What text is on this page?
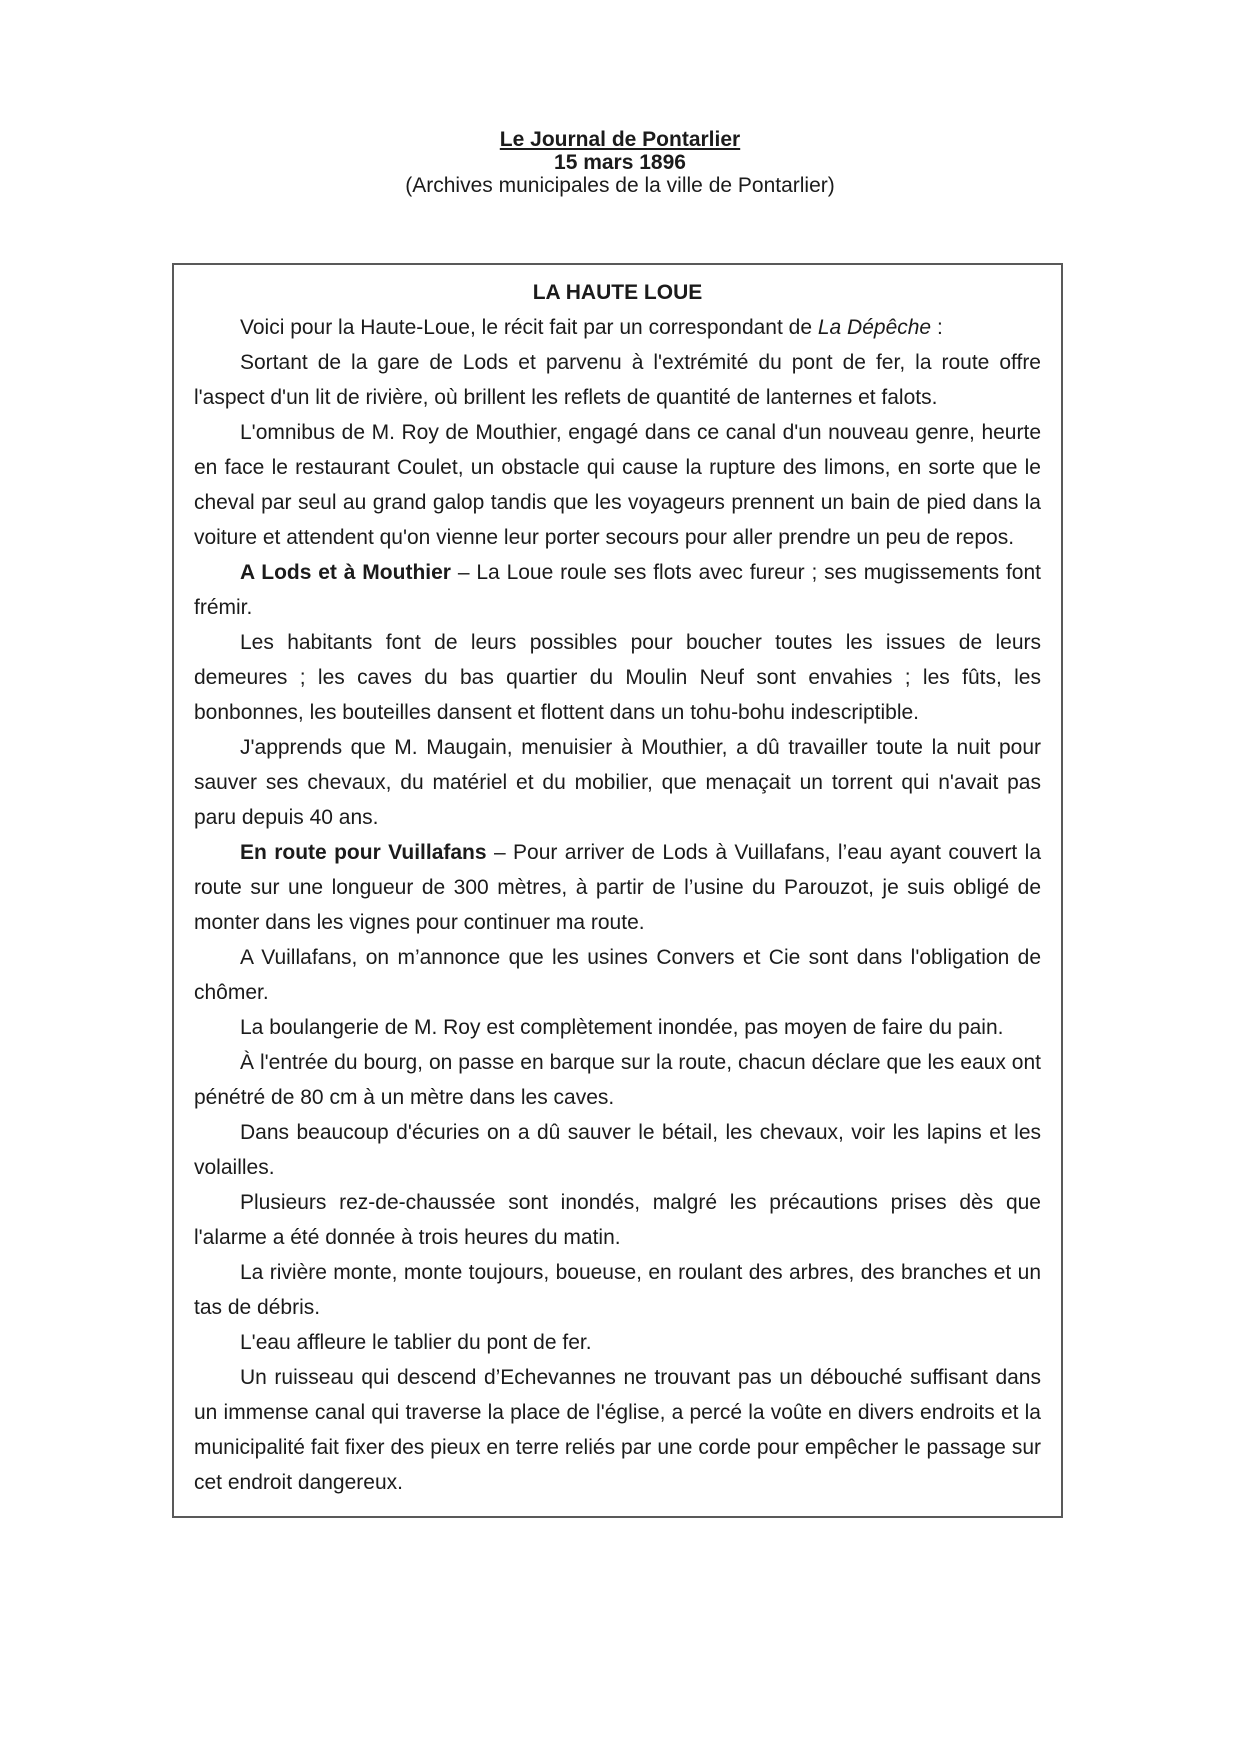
Le Journal de Pontarlier
15 mars 1896
(Archives municipales de la ville de Pontarlier)
LA HAUTE LOUE
Voici pour la Haute-Loue, le récit fait par un correspondant de La Dépêche :
Sortant de la gare de Lods et parvenu à l'extrémité du pont de fer, la route offre l'aspect d'un lit de rivière, où brillent les reflets de quantité de lanternes et falots.
L'omnibus de M. Roy de Mouthier, engagé dans ce canal d'un nouveau genre, heurte en face le restaurant Coulet, un obstacle qui cause la rupture des limons, en sorte que le cheval par seul au grand galop tandis que les voyageurs prennent un bain de pied dans la voiture et attendent qu'on vienne leur porter secours pour aller prendre un peu de repos.
A Lods et à Mouthier – La Loue roule ses flots avec fureur ; ses mugissements font frémir.
Les habitants font de leurs possibles pour boucher toutes les issues de leurs demeures ; les caves du bas quartier du Moulin Neuf sont envahies ; les fûts, les bonbonnes, les bouteilles dansent et flottent dans un tohu-bohu indescriptible.
J'apprends que M. Maugain, menuisier à Mouthier, a dû travailler toute la nuit pour sauver ses chevaux, du matériel et du mobilier, que menaçait un torrent qui n'avait pas paru depuis 40 ans.
En route pour Vuillafans – Pour arriver de Lods à Vuillafans, l’eau ayant couvert la route sur une longueur de 300 mètres, à partir de l’usine du Parouzot, je suis obligé de monter dans les vignes pour continuer ma route.
A Vuillafans, on m’annonce que les usines Convers et Cie sont dans l'obligation de chômer.
La boulangerie de M. Roy est complètement inondée, pas moyen de faire du pain.
À l'entrée du bourg, on passe en barque sur la route, chacun déclare que les eaux ont pénétré de 80 cm à un mètre dans les caves.
Dans beaucoup d'écuries on a dû sauver le bétail, les chevaux, voir les lapins et les volailles.
Plusieurs rez-de-chaussée sont inondés, malgré les précautions prises dès que l'alarme a été donnée à trois heures du matin.
La rivière monte, monte toujours, boueuse, en roulant des arbres, des branches et un tas de débris.
L'eau affleure le tablier du pont de fer.
Un ruisseau qui descend d’Echevannes ne trouvant pas un débouché suffisant dans un immense canal qui traverse la place de l'église, a percé la voûte en divers endroits et la municipalité fait fixer des pieux en terre reliés par une corde pour empêcher le passage sur cet endroit dangereux.
